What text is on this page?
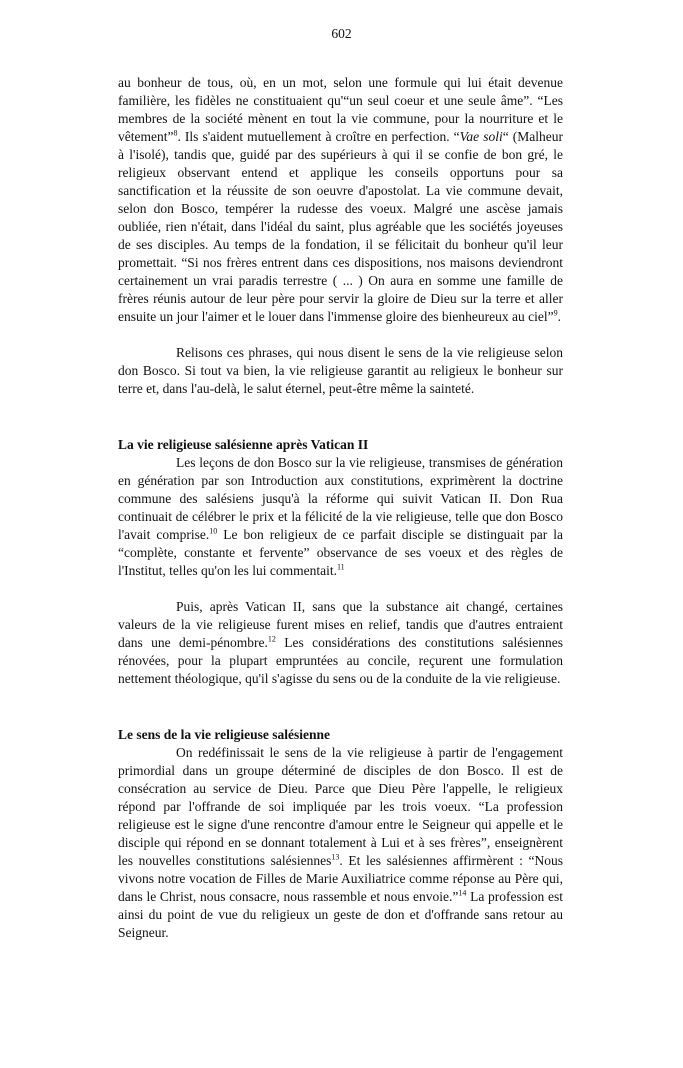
602

au bonheur de tous, où, en un mot, selon une formule qui lui était devenue familière, les fidèles ne constituaient qu'“un seul coeur et une seule âme”. “Les membres de la société mènent en tout la vie commune, pour la nourriture et le vêtement”$^8$. Ils s'aident mutuellement à croître en perfection. “Vae soli“ (Malheur à l'isolé), tandis que, guidé par des supérieurs à qui il se confie de bon gré, le religieux observant entend et applique les conseils opportuns pour sa sanctification et la réussite de son oeuvre d'apostolat. La vie commune devait, selon don Bosco, tempérer la rudesse des voeux. Malgré une ascèse jamais oubliée, rien n'était, dans l'idéal du saint, plus agréable que les sociétés joyeuses de ses disciples. Au temps de la fondation, il se félicitait du bonheur qu'il leur promettait. “Si nos frères entrent dans ces dispositions, nos maisons deviendront certainement un vrai paradis terrestre ( ... ) On aura en somme une famille de frères réunis autour de leur père pour servir la gloire de Dieu sur la terre et aller ensuite un jour l'aimer et le louer dans l'immense gloire des bienheureux au ciel”$^9$.

Relisons ces phrases, qui nous disent le sens de la vie religieuse selon don Bosco. Si tout va bien, la vie religieuse garantit au religieux le bonheur sur terre et, dans l'au-delà, le salut éternel, peut-être même la sainteté.

La vie religieuse salésienne après Vatican II

Les leçons de don Bosco sur la vie religieuse, transmises de génération en génération par son Introduction aux constitutions, exprimèrent la doctrine commune des salésiens jusqu'à la réforme qui suivit Vatican II. Don Rua continuait de célébrer le prix et la félicité de la vie religieuse, telle que don Bosco l'avait comprise.$^{10}$ Le bon religieux de ce parfait disciple se distinguait par la “complète, constante et fervente” observance de ses voeux et des règles de l'Institut, telles qu'on les lui commentait.$^{11}$

Puis, après Vatican II, sans que la substance ait changé, certaines valeurs de la vie religieuse furent mises en relief, tandis que d'autres entraient dans une demi-pénombre.$^{12}$ Les considérations des constitutions salésiennes rénovées, pour la plupart empruntées au concile, reçurent une formulation nettement théologique, qu'il s'agisse du sens ou de la conduite de la vie religieuse.

Le sens de la vie religieuse salésienne

On redéfinissait le sens de la vie religieuse à partir de l'engagement primordial dans un groupe déterminé de disciples de don Bosco. Il est de consécration au service de Dieu. Parce que Dieu Père l'appelle, le religieux répond par l'offrande de soi impliquée par les trois voeux. “La profession religieuse est le signe d'une rencontre d'amour entre le Seigneur qui appelle et le disciple qui répond en se donnant totalement à Lui et à ses frères”, enseignèrent les nouvelles constitutions salésiennes$^{13}$. Et les salésiennes affirmèrent : “Nous vivons notre vocation de Filles de Marie Auxiliatrice comme réponse au Père qui, dans le Christ, nous consacre, nous rassemble et nous envoie.”$^{14}$ La profession est ainsi du point de vue du religieux un geste de don et d'offrande sans retour au Seigneur.
